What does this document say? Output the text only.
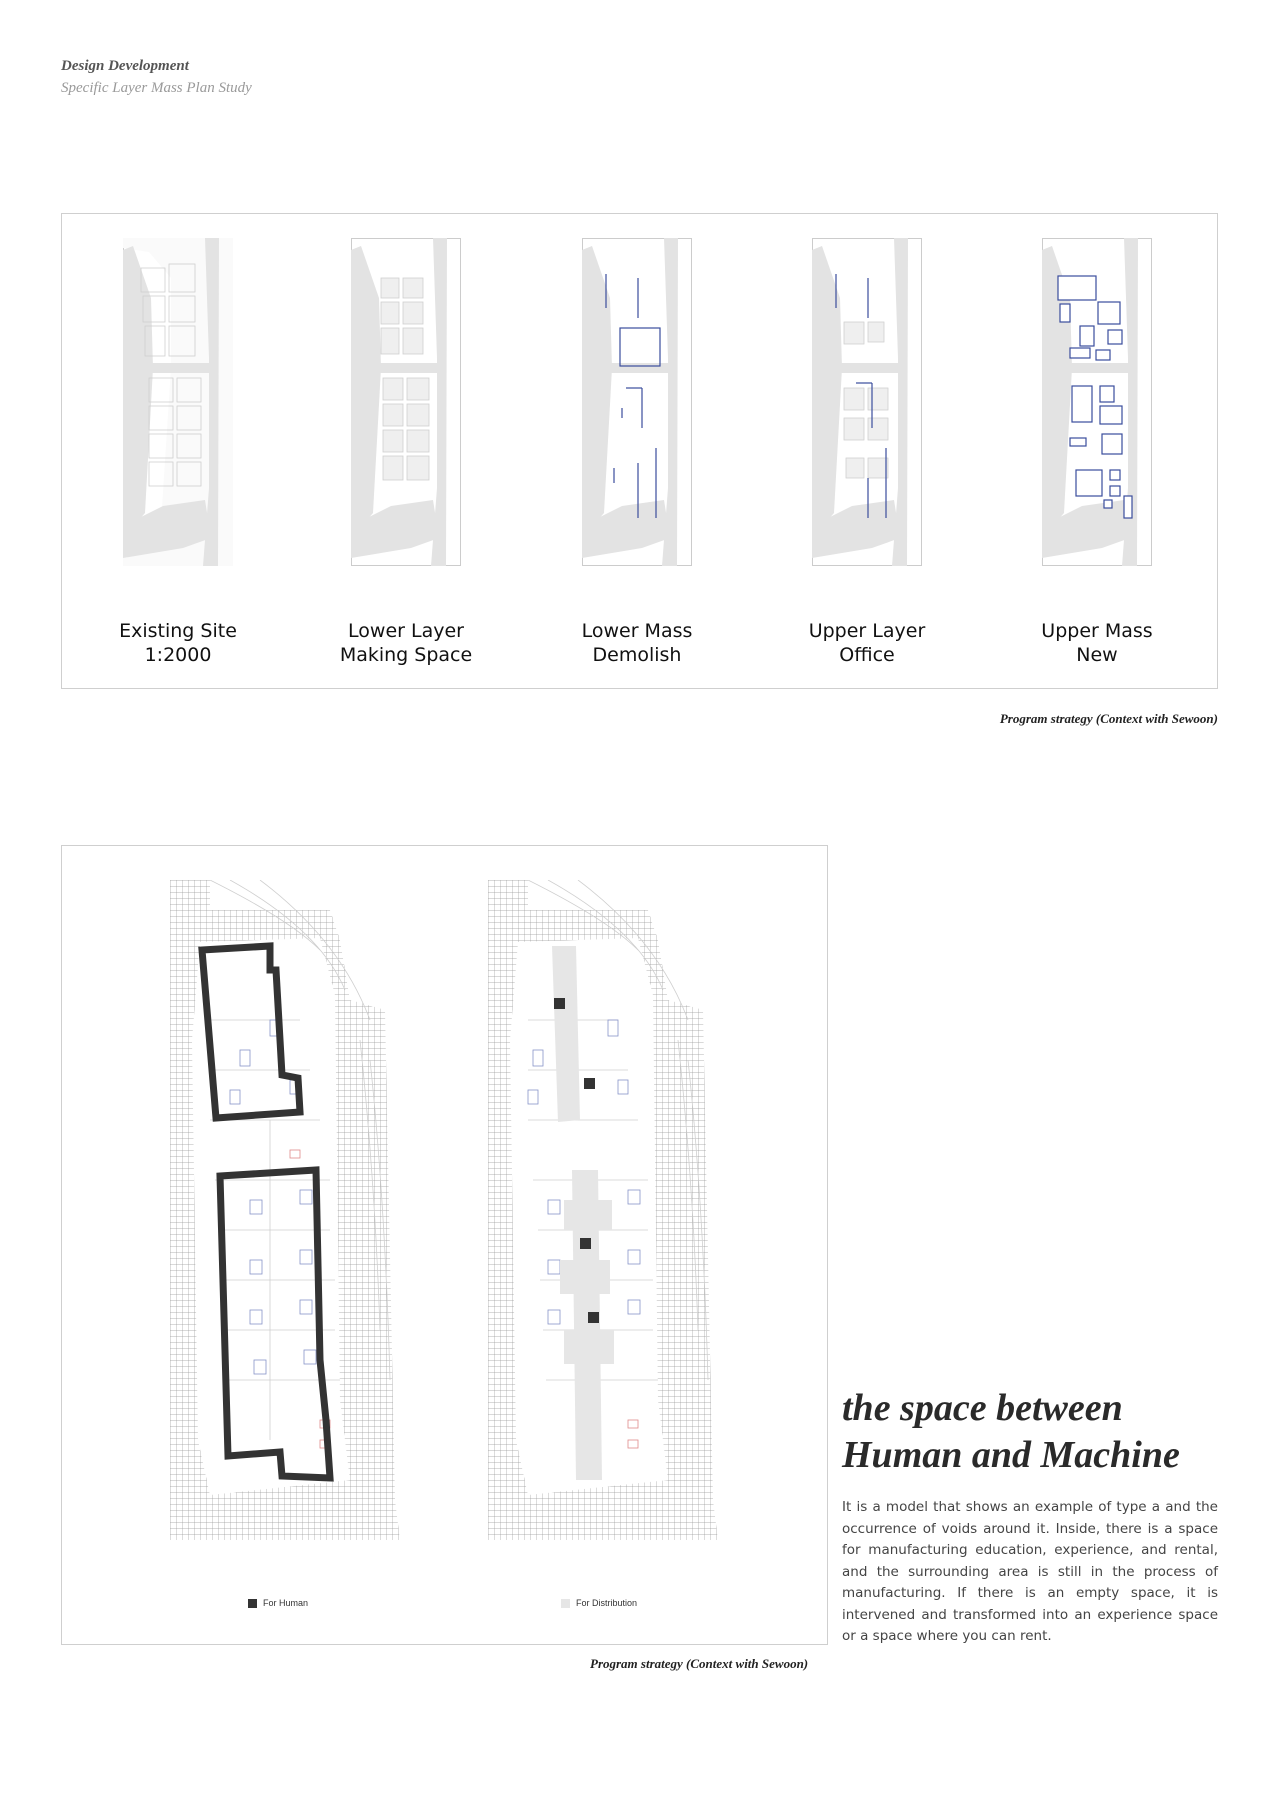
Design Development
Specific Layer Mass Plan Study
Existing Site
1:2000
Lower Layer
Making Space
Lower Mass
Demolish
Upper Layer
Office
Upper Mass
New
Program strategy (Context with Sewoon)
For Human	For Distribution
Program strategy (Context with Sewoon)
the space between
Human and Machine
It is a model that shows an example of type a and the occurrence of voids around it. Inside, there is a space for manufacturing education, experience, and rental, and the surrounding area is still in the process of manufacturing. If there is an empty space, it is intervened and transformed into an experience space or a space where you can rent.
